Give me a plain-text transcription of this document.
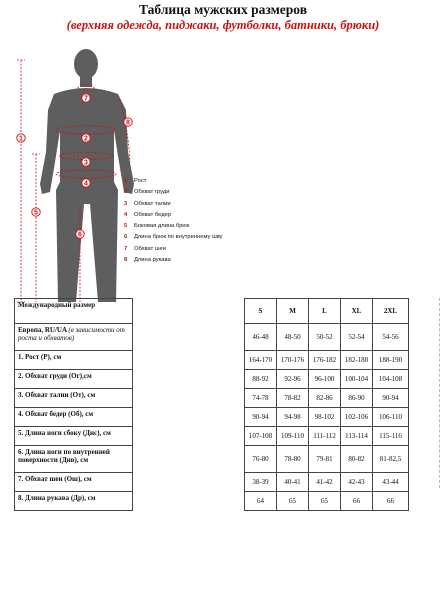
Таблица мужских размеров
(верхняя одежда, пиджаки, футболки, батники, брюки)
1	2
3
4
5
6
7
8
1 Рост
2 Обхват груди
3 Обхват талии
4 Обхват бедер
5 Боковая длина брюк
6 Длина брюк по внутреннему шву
7 Обхват шеи
8 Длина рукава
Международный размер		S	M	L	XL	2XL
Европа, RU/UA (в зависимости от роста и обхватов)		46-48	48-50	50-52	52-54	54-56
1. Рост (Р), см		164-170	170-176	176-182	182-188	188-190
2. Обхват груди (Ог),см		88-92	92-96	96-100	100-104	104-108
3. Обхват талии (От), см		74-78	78-82	82-86	86-90	90-94
4. Обхват бедер (Об), см		90-94	94-98	98-102	102-106	106-110
5. Длина ноги сбоку (Днс), см		107-108	109-110	111-112	113-114	115-116
6. Длина ноги по внутренней поверхности (Днв), см		76-80	78-80	79-81	80-82	81-82,5
7. Обхват шеи (Ош), см		38-39	40-41	41-42	42-43	43-44
8. Длина рукава (Др), см		64	65	65	66	66
